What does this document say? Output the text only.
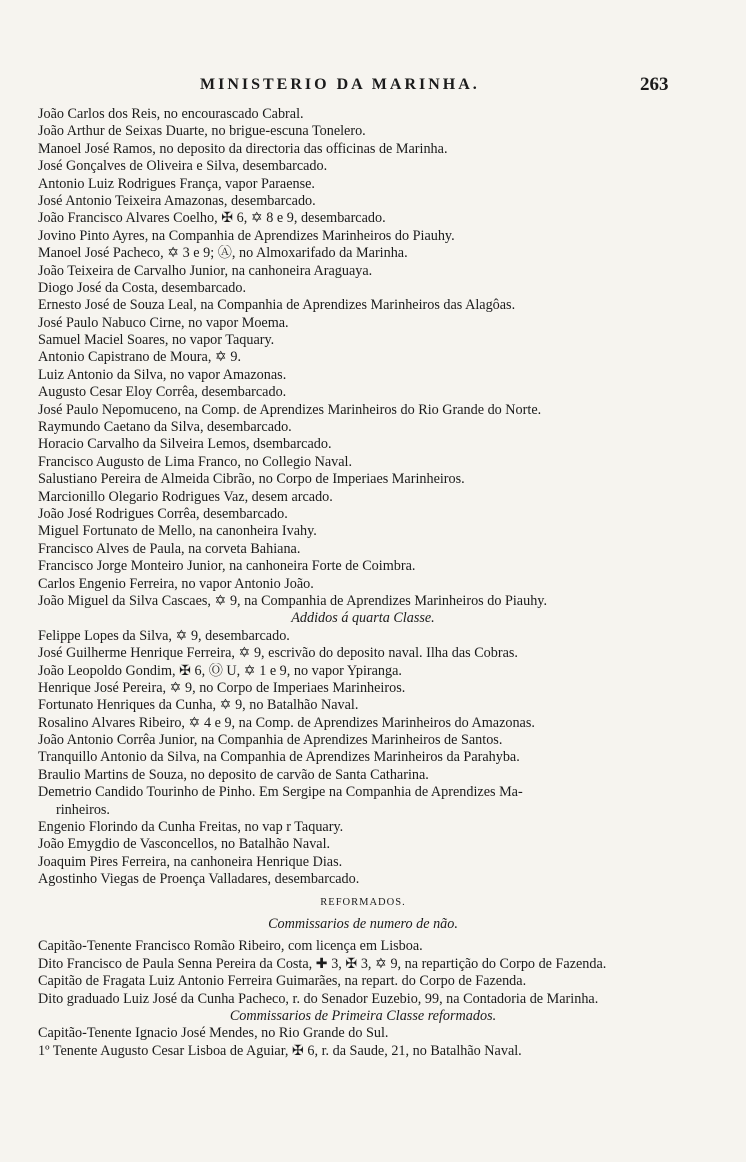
MINISTERIO DA MARINHA.	263
João Carlos dos Reis, no encourascado Cabral.
João Arthur de Seixas Duarte, no brigue-escuna Tonelero.
Manoel José Ramos, no deposito da directoria das officinas de Marinha.
José Gonçalves de Oliveira e Silva, desembarcado.
Antonio Luiz Rodrigues França, vapor Paraense.
José Antonio Teixeira Amazonas, desembarcado.
João Francisco Alvares Coelho, ✠ 6, ✡ 8 e 9, desembarcado.
Jovino Pinto Ayres, na Companhia de Aprendizes Marinheiros do Piauhy.
Manoel José Pacheco, ✡ 3 e 9; Ⓐ, no Almoxarifado da Marinha.
João Teixeira de Carvalho Junior, na canhoneira Araguaya.
Diogo José da Costa, desembarcado.
Ernesto José de Souza Leal, na Companhia de Aprendizes Marinheiros das Alagôas.
José Paulo Nabuco Cirne, no vapor Moema.
Samuel Maciel Soares, no vapor Taquary.
Antonio Capistrano de Moura, ✡ 9.
Luiz Antonio da Silva, no vapor Amazonas.
Augusto Cesar Eloy Corrêa, desembarcado.
José Paulo Nepomuceno, na Comp. de Aprendizes Marinheiros do Rio Grande do Norte.
Raymundo Caetano da Silva, desembarcado.
Horacio Carvalho da Silveira Lemos, dsembarcado.
Francisco Augusto de Lima Franco, no Collegio Naval.
Salustiano Pereira de Almeida Cibrão, no Corpo de Imperiaes Marinheiros.
Marcionillo Olegario Rodrigues Vaz, desem arcado.
João José Rodrigues Corrêa, desembarcado.
Miguel Fortunato de Mello, na canonheira Ivahy.
Francisco Alves de Paula, na corveta Bahiana.
Francisco Jorge Monteiro Junior, na canhoneira Forte de Coimbra.
Carlos Engenio Ferreira, no vapor Antonio João.
João Miguel da Silva Cascaes, ✡ 9, na Companhia de Aprendizes Marinheiros do Piauhy.
Addidos á quarta Classe.
Felippe Lopes da Silva, ✡ 9, desembarcado.
José Guilherme Henrique Ferreira, ✡ 9, escrivão do deposito naval. Ilha das Cobras.
João Leopoldo Gondim, ✠ 6, Ⓞ U, ✡ 1 e 9, no vapor Ypiranga.
Henrique José Pereira, ✡ 9, no Corpo de Imperiaes Marinheiros.
Fortunato Henriques da Cunha, ✡ 9, no Batalhão Naval.
Rosalino Alvares Ribeiro, ✡ 4 e 9, na Comp. de Aprendizes Marinheiros do Amazonas.
João Antonio Corrêa Junior, na Companhia de Aprendizes Marinheiros de Santos.
Tranquillo Antonio da Silva, na Companhia de Aprendizes Marinheiros da Parahyba.
Braulio Martins de Souza, no deposito de carvão de Santa Catharina.
Demetrio Candido Tourinho de Pinho. Em Sergipe na Companhia de Aprendizes Ma-
rinheiros.
Engenio Florindo da Cunha Freitas, no vap r Taquary.
João Emygdio de Vasconcellos, no Batalhão Naval.
Joaquim Pires Ferreira, na canhoneira Henrique Dias.
Agostinho Viegas de Proença Valladares, desembarcado.
REFORMADOS.
Commissarios de numero de não.
Capitão-Tenente Francisco Romão Ribeiro, com licença em Lisboa.
Dito Francisco de Paula Senna Pereira da Costa, ✚ 3, ✠ 3, ✡ 9, na repartição do Corpo de Fazenda.
Capitão de Fragata Luiz Antonio Ferreira Guimarães, na repart. do Corpo de Fazenda.
Dito graduado Luiz José da Cunha Pacheco, r. do Senador Euzebio, 99, na Contadoria de Marinha.
Commissarios de Primeira Classe reformados.
Capitão-Tenente Ignacio José Mendes, no Rio Grande do Sul.
1º Tenente Augusto Cesar Lisboa de Aguiar, ✠ 6, r. da Saude, 21, no Batalhão Naval.
